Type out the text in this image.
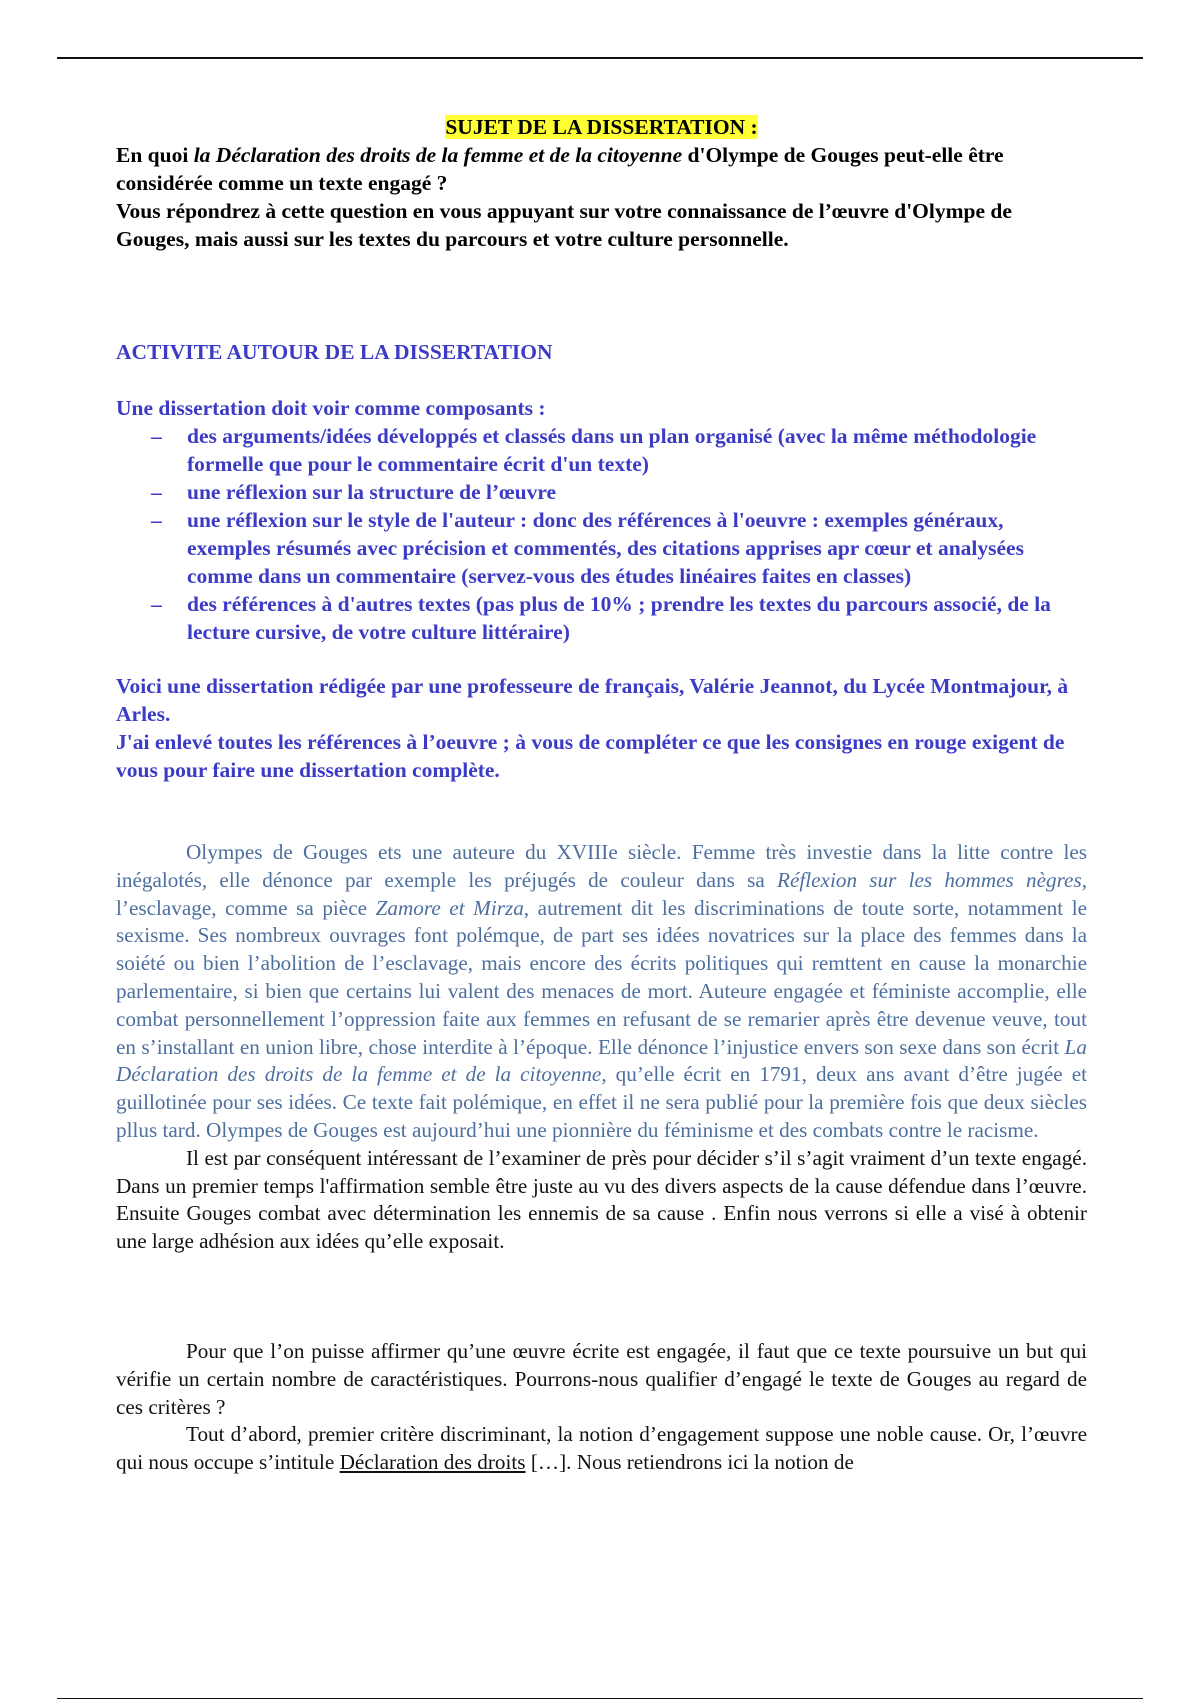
SUJET DE LA DISSERTATION :
En quoi la Déclaration des droits de la femme et de la citoyenne d'Olympe de Gouges peut-elle être considérée comme un texte engagé ?
Vous répondrez à cette question en vous appuyant sur votre connaissance de l’œuvre d'Olympe de Gouges, mais aussi sur les textes du parcours et votre culture personnelle.
ACTIVITE AUTOUR DE LA DISSERTATION
Une dissertation doit voir comme composants :
– des arguments/idées développés et classés dans un plan organisé (avec la même méthodologie formelle que pour le commentaire écrit d'un texte)
– une réflexion sur la structure de l’œuvre
– une réflexion sur le style de l'auteur : donc des références à l'oeuvre : exemples généraux, exemples résumés avec précision et commentés, des citations apprises apr cœur et analysées comme dans un commentaire (servez-vous des études linéaires faites en classes)
– des références à d'autres textes (pas plus de 10% ; prendre les textes du parcours associé, de la lecture cursive, de votre culture littéraire)
Voici une dissertation rédigée par une professeure de français, Valérie Jeannot, du Lycée Montmajour, à Arles.
J'ai enlevé toutes les références à l’oeuvre ; à vous de compléter ce que les consignes en rouge exigent de vous pour faire une dissertation complète.

Olympes de Gouges ets une auteure du XVIIIe siècle. Femme très investie dans la litte contre les inégalotés, elle dénonce par exemple les préjugés de couleur dans sa Réflexion sur les hommes nègres, l’esclavage, comme sa pièce Zamore et Mirza, autrement dit les discriminations de toute sorte, notamment le sexisme. Ses nombreux ouvrages font polémque, de part ses idées novatrices sur la place des femmes dans la soiété ou bien l’abolition de l’esclavage, mais encore des écrits politiques qui remttent en cause la monarchie parlementaire, si bien que certains lui valent des menaces de mort. Auteure engagée et féministe accomplie, elle combat personnellement l’oppression faite aux femmes en refusant de se remarier après être devenue veuve, tout en s’installant en union libre, chose interdite à l’époque. Elle dénonce l’injustice envers son sexe dans son écrit La Déclaration des droits de la femme et de la citoyenne, qu’elle écrit en 1791, deux ans avant d’être jugée et guillotinée pour ses idées. Ce texte fait polémique, en effet il ne sera publié pour la première fois que deux siècles pllus tard. Olympes de Gouges est aujourd’hui une pionnière du féminisme et des combats contre le racisme.

Il est par conséquent intéressant de l’examiner de près pour décider s’il s’agit vraiment d’un texte engagé. Dans un premier temps l'affirmation semble être juste au vu des divers aspects de la cause défendue dans l’œuvre. Ensuite Gouges combat avec détermination les ennemis de sa cause . Enfin nous verrons si elle a visé à obtenir une large adhésion aux idées qu’elle exposait.

Pour que l’on puisse affirmer qu’une œuvre écrite est engagée, il faut que ce texte poursuive un but qui vérifie un certain nombre de caractéristiques. Pourrons-nous qualifier d’engagé le texte de Gouges au regard de ces critères ?

Tout d’abord, premier critère discriminant, la notion d’engagement suppose une noble cause. Or, l’œuvre qui nous occupe s’intitule Déclaration des droits […]. Nous retiendrons ici la notion de
